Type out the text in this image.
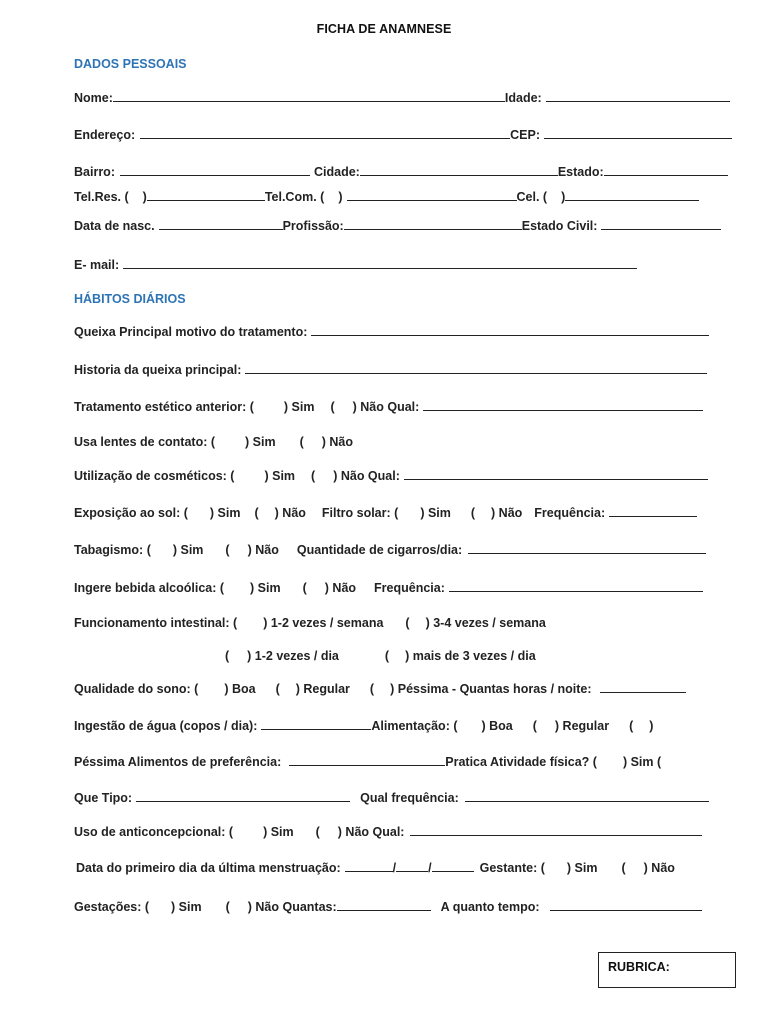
FICHA DE ANAMNESE
DADOS PESSOAIS
Nome:	Idade:
Endereço:	CEP:
Bairro:	Cidade:	Estado:
Tel.Res. ( )	Tel.Com. ( )	Cel. ( )
Data de nasc.	Profissão:	Estado Civil:
E- mail:
HÁBITOS DIÁRIOS
Queixa Principal motivo do tratamento:
Historia da queixa principal:
Tratamento estético anterior: ( ) Sim ( ) Não Qual:
Usa lentes de contato: ( ) Sim ( ) Não
Utilização de cosméticos: ( ) Sim ( ) Não Qual:
Exposição ao sol: ( ) Sim ( ) Não Filtro solar: ( ) Sim ( ) Não Frequência:
Tabagismo: ( ) Sim ( ) Não Quantidade de cigarros/dia:
Ingere bebida alcoólica: ( ) Sim ( ) Não Frequência:
Funcionamento intestinal: ( ) 1-2 vezes / semana ( ) 3-4 vezes / semana
( ) 1-2 vezes / dia	( ) mais de 3 vezes / dia
Qualidade do sono: ( ) Boa ( ) Regular ( ) Péssima - Quantas horas / noite:
Ingestão de água (copos / dia):	Alimentação: ( ) Boa ( ) Regular ( )
Péssima Alimentos de preferência:	Pratica Atividade física? ( ) Sim (
Que Tipo:	Qual frequência:
Uso de anticoncepcional: ( ) Sim ( ) Não Qual:
Data do primeiro dia da última menstruação:	/	/	Gestante: ( ) Sim ( ) Não
Gestações: ( ) Sim ( ) Não Quantas:	A quanto tempo:
RUBRICA:
